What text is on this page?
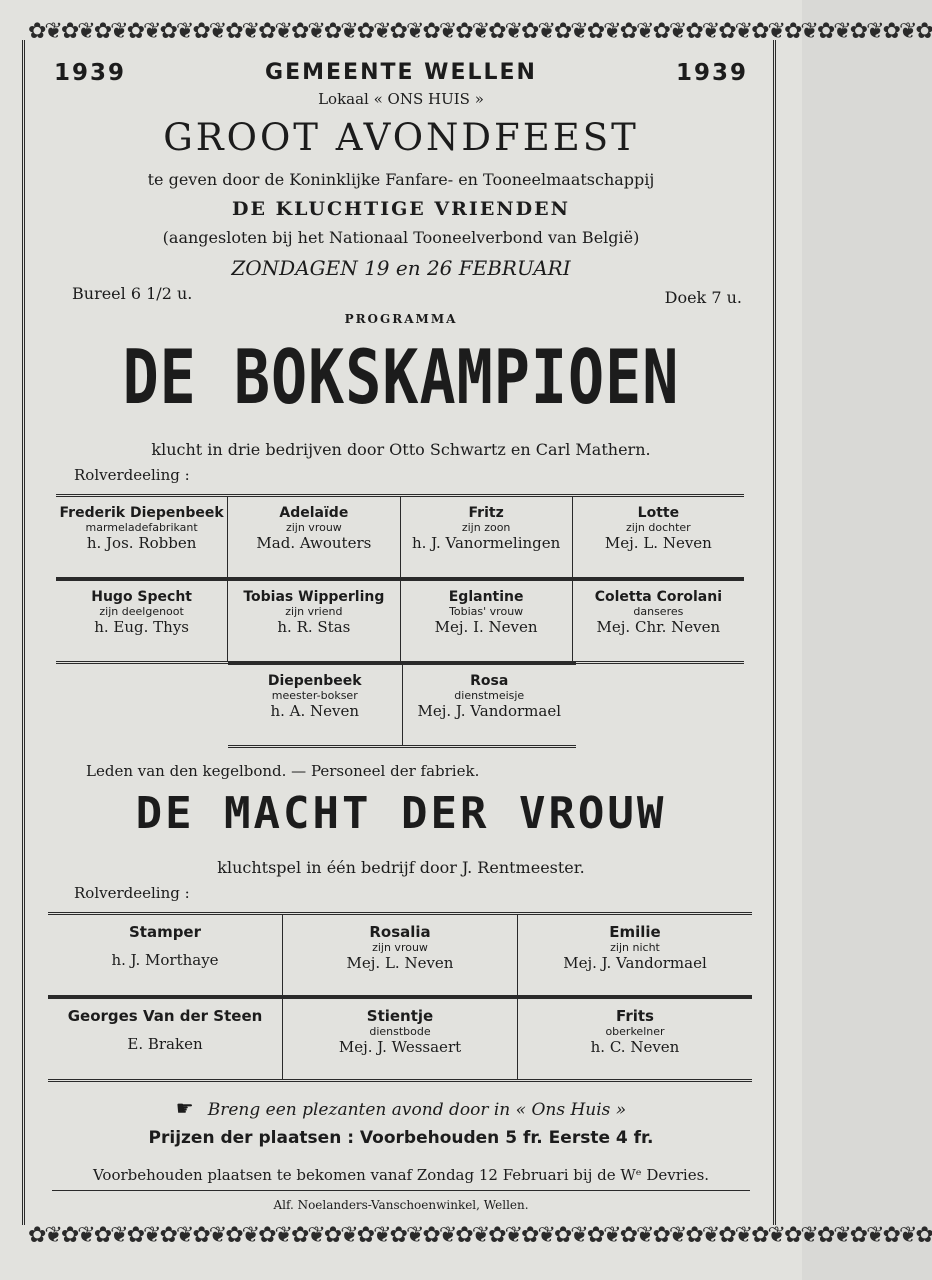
✿❦✿❦✿❦✿❦✿❦✿❦✿❦✿❦✿❦✿❦✿❦✿❦✿❦✿❦✿❦✿❦✿❦✿❦✿❦✿❦✿❦✿❦✿❦✿❦✿❦✿❦✿❦✿
1939	1939
GEMEENTE WELLEN
Lokaal « ONS HUIS »
GROOT AVONDFEEST
te geven door de Koninklijke Fanfare- en Tooneelmaatschappij
DE KLUCHTIGE VRIENDEN
(aangesloten bij het Nationaal Tooneelverbond van België)
ZONDAGEN 19 en 26 FEBRUARI
Bureel 6 1/2 u.	Doek 7 u.
PROGRAMMA
DE BOKSKAMPIOEN
klucht in drie bedrijven door Otto Schwartz en Carl Mathern.
Rolverdeeling :
Frederik Diepenbeek
marmeladefabrikant
h. Jos. Robben
Adelaïde
zijn vrouw
Mad. Awouters
Fritz
zijn zoon
h. J. Vanormelingen
Lotte
zijn dochter
Mej. L. Neven
Hugo Specht
zijn deelgenoot
h. Eug. Thys
Tobias Wipperling
zijn vriend
h. R. Stas
Eglantine
Tobias' vrouw
Mej. I. Neven
Coletta Corolani
danseres
Mej. Chr. Neven
Diepenbeek
meester-bokser
h. A. Neven
Rosa
dienstmeisje
Mej. J. Vandormael
Leden van den kegelbond. — Personeel der fabriek.
DE MACHT DER VROUW
kluchtspel in één bedrijf door J. Rentmeester.
Rolverdeeling :
Stamper
h. J. Morthaye
Rosalia
zijn vrouw
Mej. L. Neven
Emilie
zijn nicht
Mej. J. Vandormael
Georges Van der Steen
E. Braken
Stientje
dienstbode
Mej. J. Wessaert
Frits
oberkelner
h. C. Neven
☛ Breng een plezanten avond door in « Ons Huis »
Prijzen der plaatsen : Voorbehouden 5 fr. Eerste 4 fr.
Voorbehouden plaatsen te bekomen vanaf Zondag 12 Februari bij de Wᵉ Devries.
Alf. Noelanders-Vanschoenwinkel, Wellen.
✿❦✿❦✿❦✿❦✿❦✿❦✿❦✿❦✿❦✿❦✿❦✿❦✿❦✿❦✿❦✿❦✿❦✿❦✿❦✿❦✿❦✿❦✿❦✿❦✿❦✿❦✿❦✿
